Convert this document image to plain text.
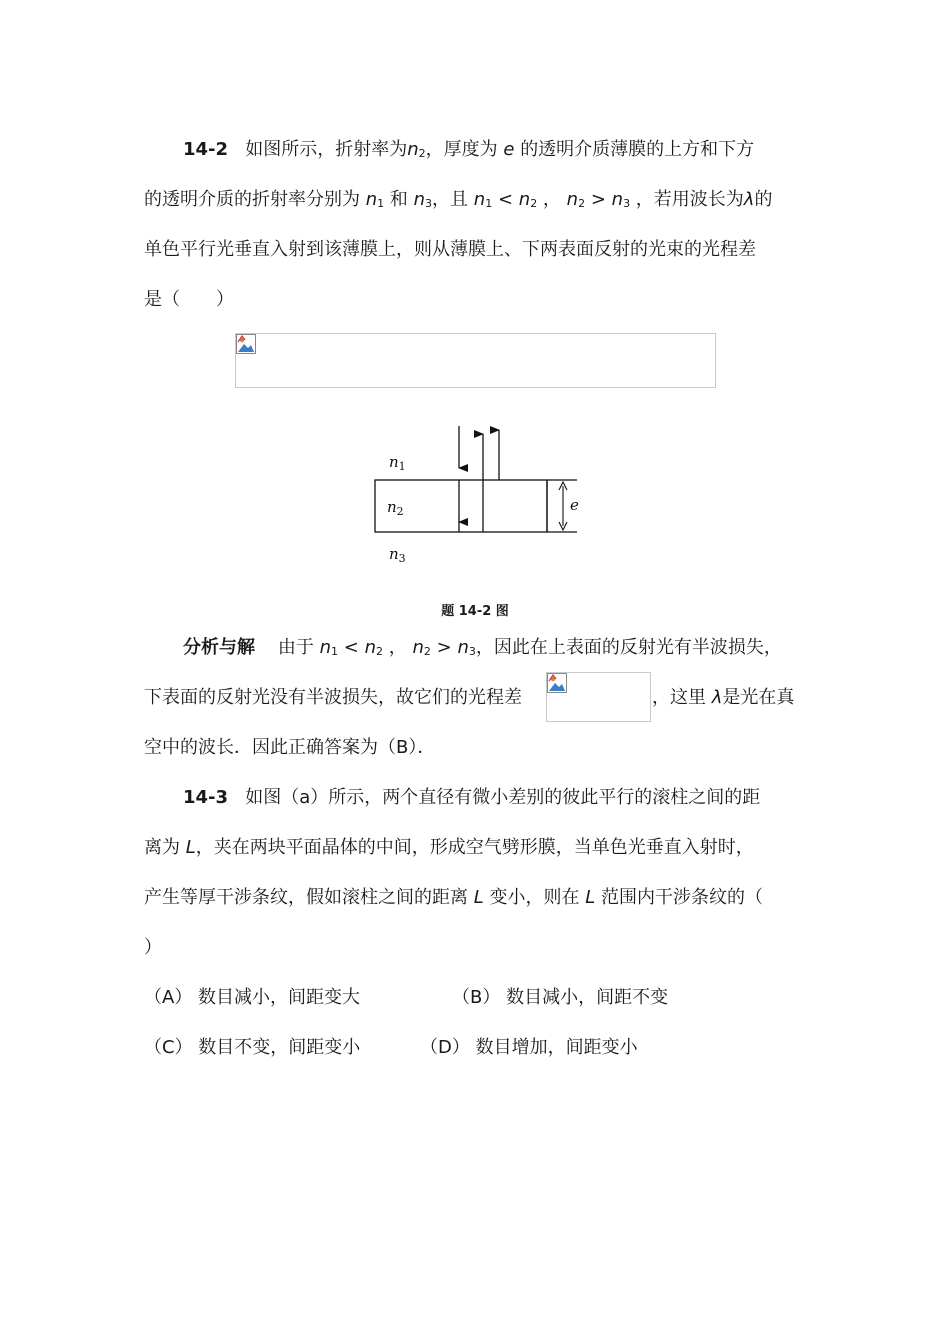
14-2 如图所示，折射率为$n_2$，厚度为 e 的透明介质薄膜的上方和下方
的透明介质的折射率分别为 $n_1$ 和 $n_3$，且 $n_1 < n_2$ ， $n_2 > n_3$ ，若用波长为λ的
单色平行光垂直入射到该薄膜上，则从薄膜上、下两表面反射的光束的光程差
是（　　）
$n_1$
$n_2$
$n_3$
e
题 14-2 图
分析与解 由于 $n_1 < n_2$ ， $n_2 > n_3$，因此在上表面的反射光有半波损失，
下表面的反射光没有半波损失，故它们的光程差	，这里 λ是光在真
空中的波长．因此正确答案为（B）．
14-3 如图（a）所示，两个直径有微小差别的彼此平行的滚柱之间的距
离为 L，夹在两块平面晶体的中间，形成空气劈形膜，当单色光垂直入射时，
产生等厚干涉条纹，假如滚柱之间的距离 L 变小，则在 L 范围内干涉条纹的（
）
（A） 数目减小，间距变大	（B） 数目减小，间距不变
（C） 数目不变，间距变小	（D） 数目增加，间距变小
